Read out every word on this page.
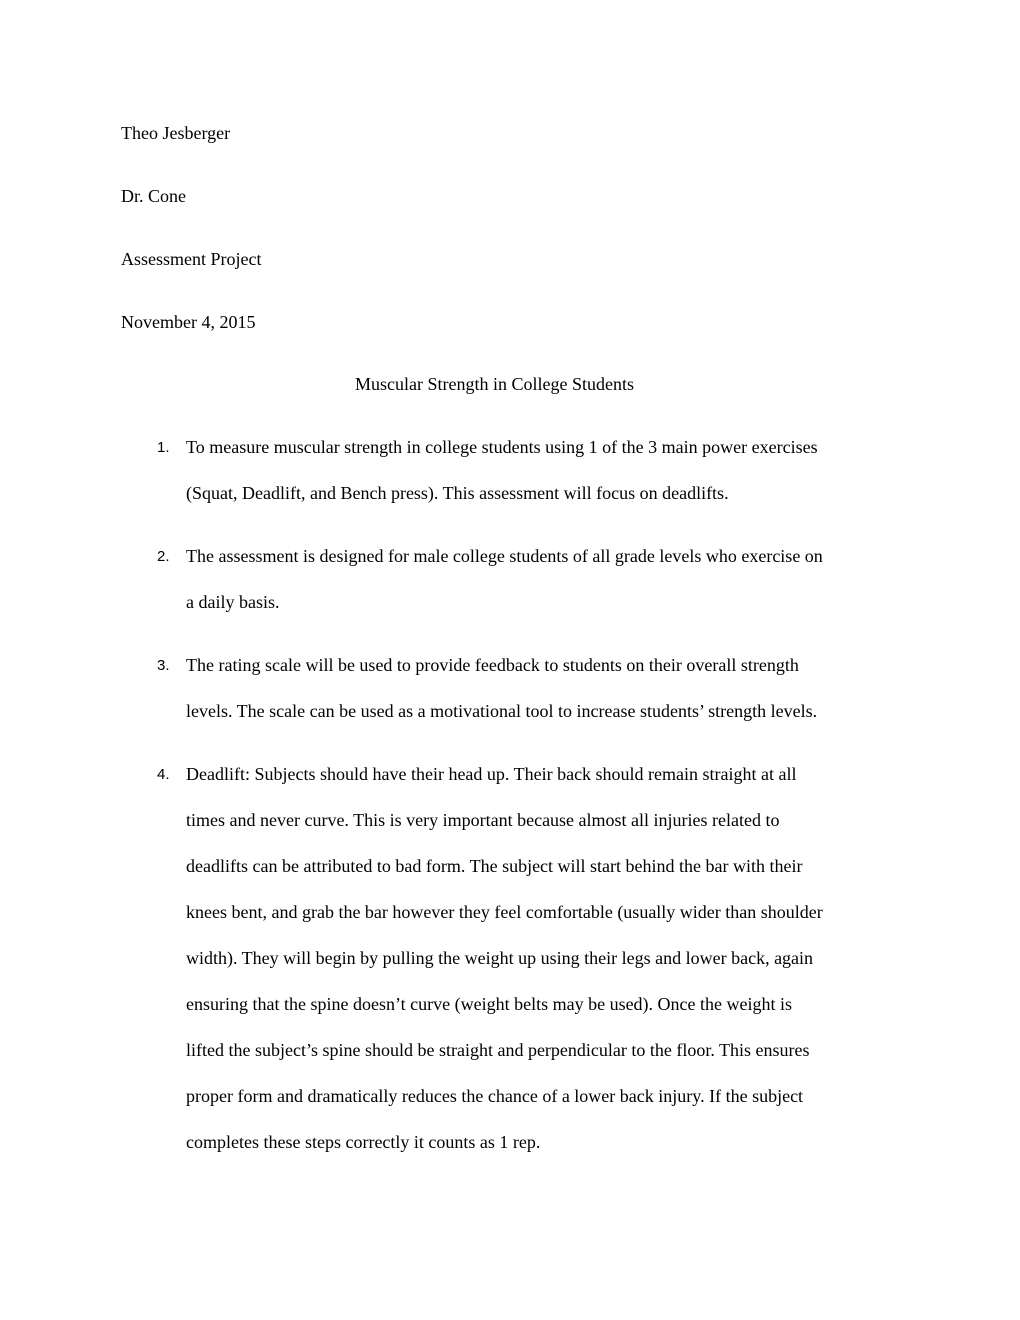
Theo Jesberger
Dr. Cone
Assessment Project
November 4, 2015
Muscular Strength in College Students
1. To measure muscular strength in college students using 1 of the 3 main power exercises
(Squat, Deadlift, and Bench press). This assessment will focus on deadlifts.
2. The assessment is designed for male college students of all grade levels who exercise on
a daily basis.
3. The rating scale will be used to provide feedback to students on their overall strength
levels. The scale can be used as a motivational tool to increase students’ strength levels.
4. Deadlift: Subjects should have their head up. Their back should remain straight at all
times and never curve. This is very important because almost all injuries related to
deadlifts can be attributed to bad form. The subject will start behind the bar with their
knees bent, and grab the bar however they feel comfortable (usually wider than shoulder
width). They will begin by pulling the weight up using their legs and lower back, again
ensuring that the spine doesn’t curve (weight belts may be used). Once the weight is
lifted the subject’s spine should be straight and perpendicular to the floor. This ensures
proper form and dramatically reduces the chance of a lower back injury. If the subject
completes these steps correctly it counts as 1 rep.
